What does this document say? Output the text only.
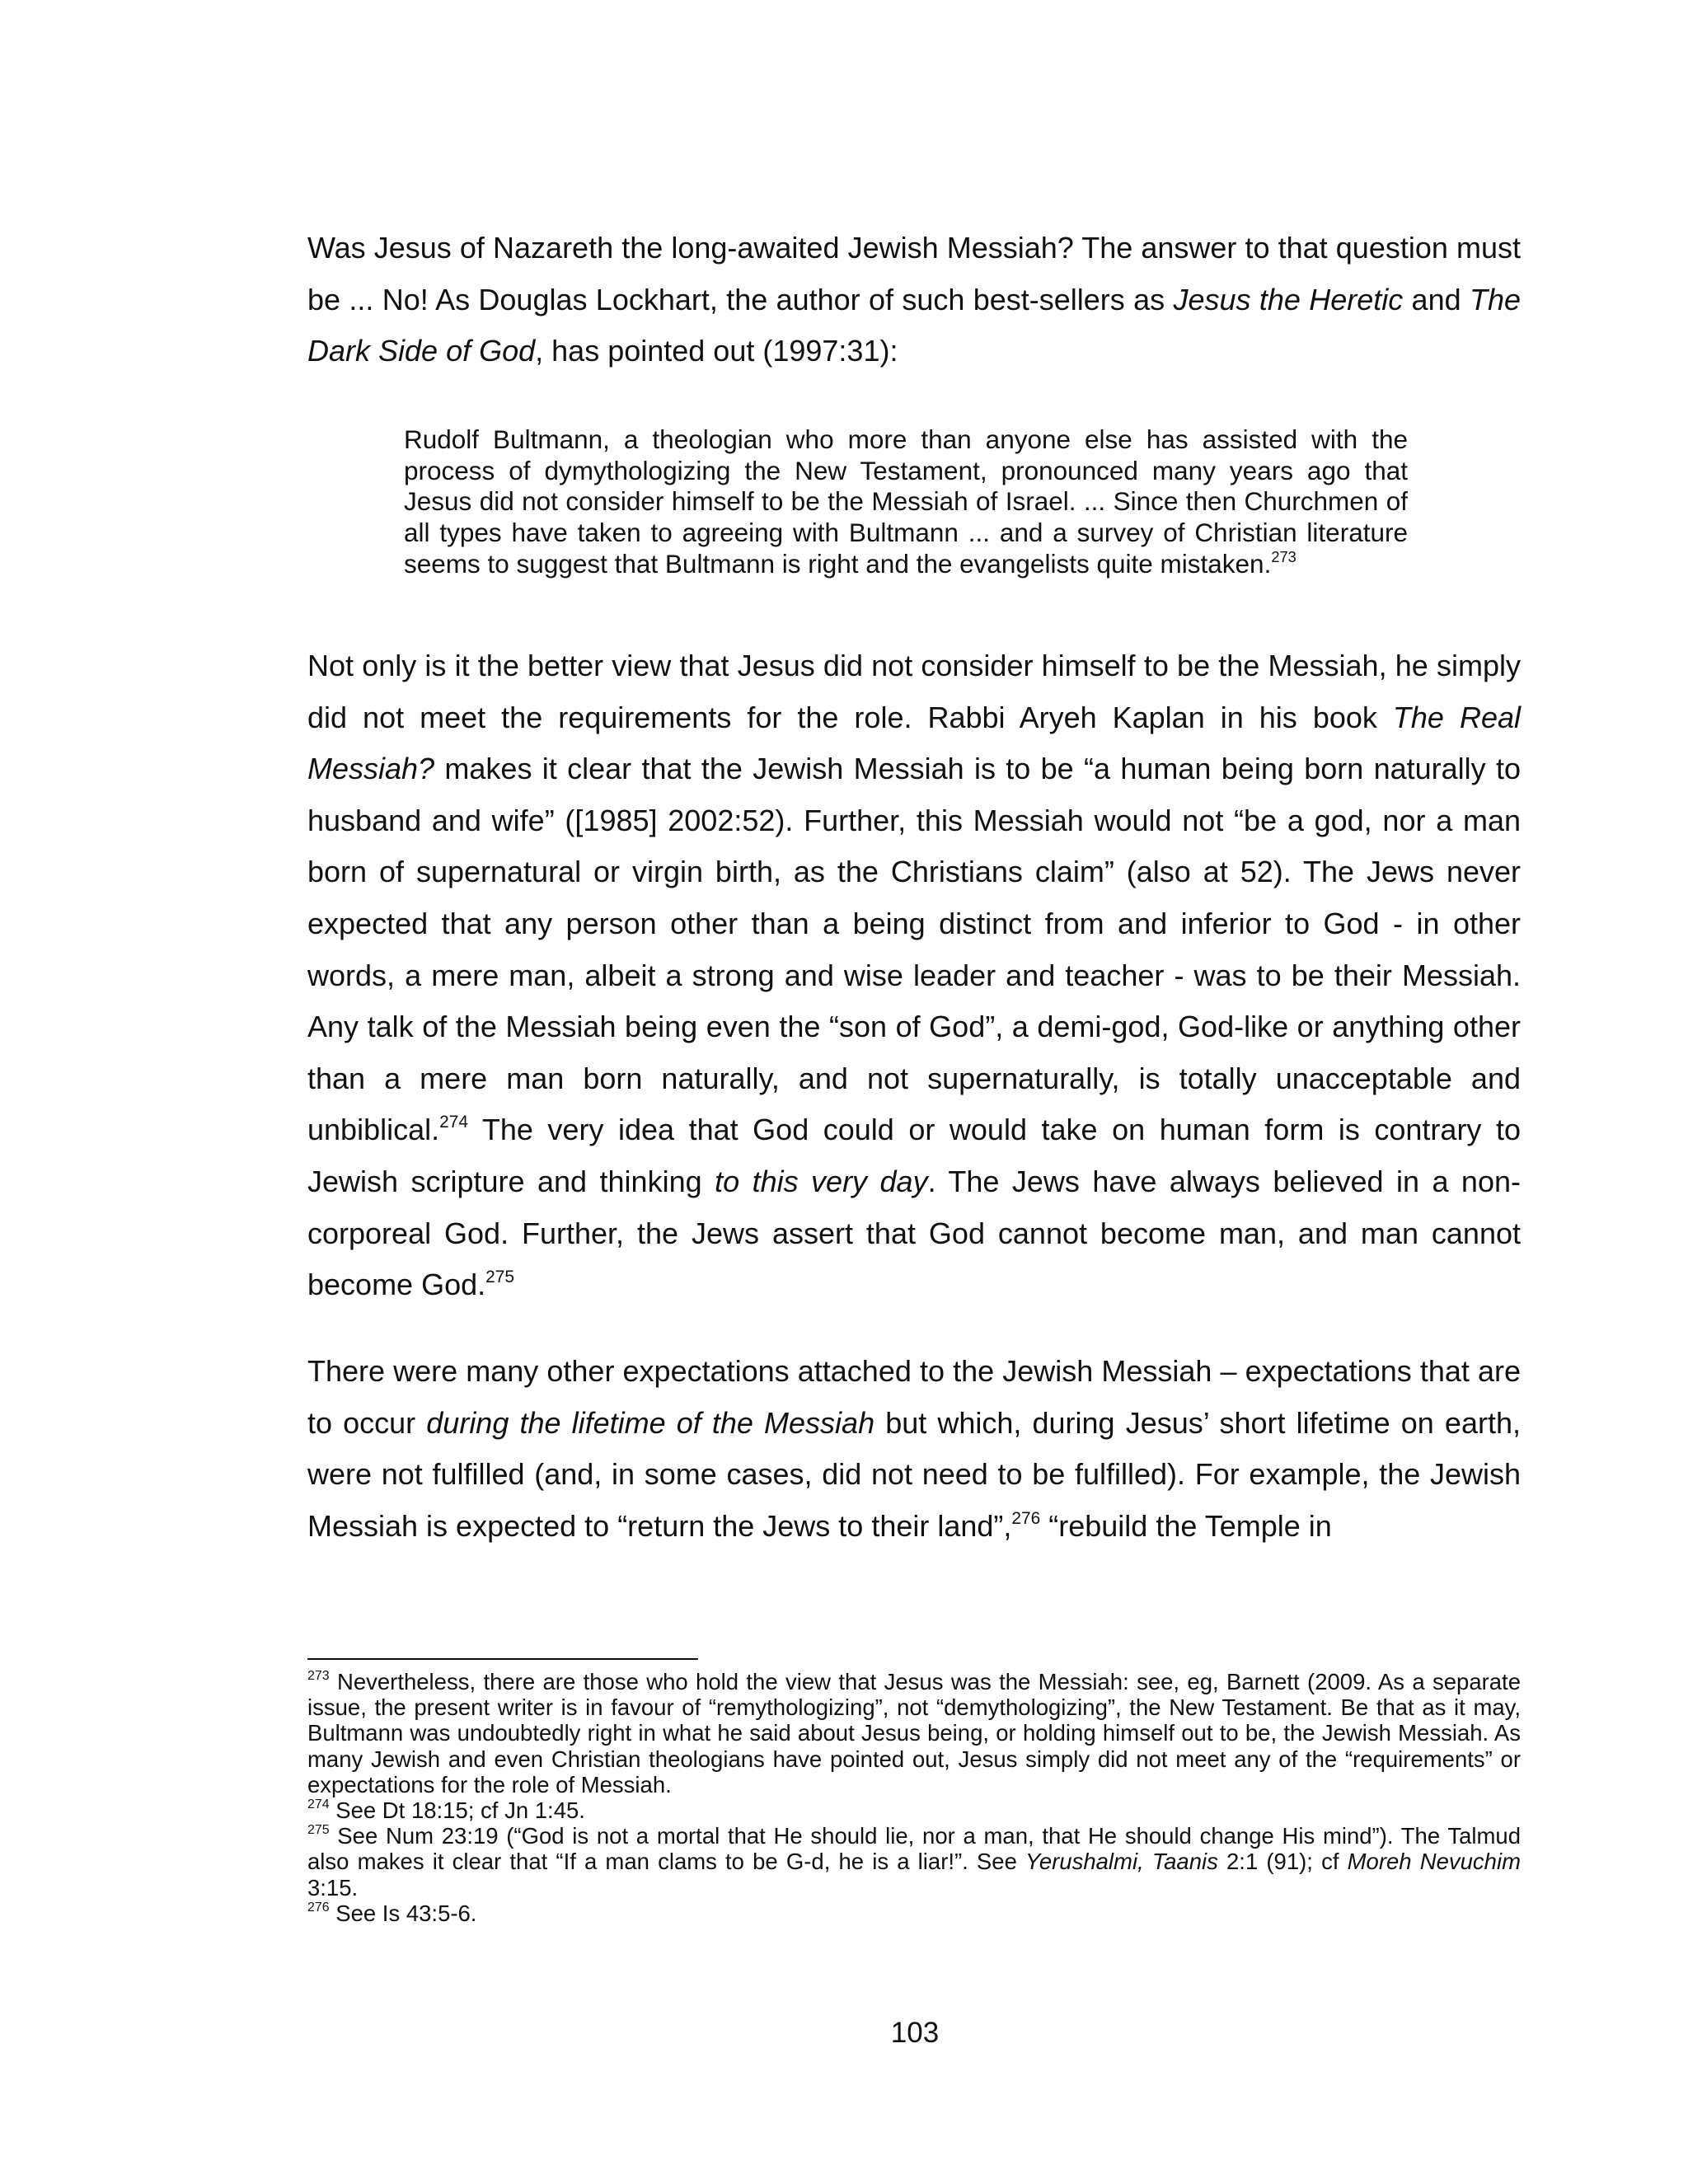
Was Jesus of Nazareth the long-awaited Jewish Messiah? The answer to that question must be ... No! As Douglas Lockhart, the author of such best-sellers as Jesus the Heretic and The Dark Side of God, has pointed out (1997:31):

Rudolf Bultmann, a theologian who more than anyone else has assisted with the process of dymythologizing the New Testament, pronounced many years ago that Jesus did not consider himself to be the Messiah of Israel. ... Since then Churchmen of all types have taken to agreeing with Bultmann ... and a survey of Christian literature seems to suggest that Bultmann is right and the evangelists quite mistaken.$^{273}$

Not only is it the better view that Jesus did not consider himself to be the Messiah, he simply did not meet the requirements for the role. Rabbi Aryeh Kaplan in his book The Real Messiah? makes it clear that the Jewish Messiah is to be “a human being born naturally to husband and wife” ([1985] 2002:52). Further, this Messiah would not “be a god, nor a man born of supernatural or virgin birth, as the Christians claim” (also at 52). The Jews never expected that any person other than a being distinct from and inferior to God - in other words, a mere man, albeit a strong and wise leader and teacher - was to be their Messiah. Any talk of the Messiah being even the “son of God”, a demi-god, God-like or anything other than a mere man born naturally, and not supernaturally, is totally unacceptable and unbiblical.$^{274}$ The very idea that God could or would take on human form is contrary to Jewish scripture and thinking to this very day. The Jews have always believed in a non-corporeal God. Further, the Jews assert that God cannot become man, and man cannot become God.$^{275}$

There were many other expectations attached to the Jewish Messiah – expectations that are to occur during the lifetime of the Messiah but which, during Jesus’ short lifetime on earth, were not fulfilled (and, in some cases, did not need to be fulfilled). For example, the Jewish Messiah is expected to “return the Jews to their land”,$^{276}$ “rebuild the Temple in

$^{273}$ Nevertheless, there are those who hold the view that Jesus was the Messiah: see, eg, Barnett (2009. As a separate issue, the present writer is in favour of “remythologizing”, not “demythologizing”, the New Testament. Be that as it may, Bultmann was undoubtedly right in what he said about Jesus being, or holding himself out to be, the Jewish Messiah. As many Jewish and even Christian theologians have pointed out, Jesus simply did not meet any of the “requirements” or expectations for the role of Messiah.

$^{274}$ See Dt 18:15; cf Jn 1:45.

$^{275}$ See Num 23:19 (“God is not a mortal that He should lie, nor a man, that He should change His mind”). The Talmud also makes it clear that “If a man clams to be G-d, he is a liar!”. See Yerushalmi, Taanis 2:1 (91); cf Moreh Nevuchim 3:15.

$^{276}$ See Is 43:5-6.

103
